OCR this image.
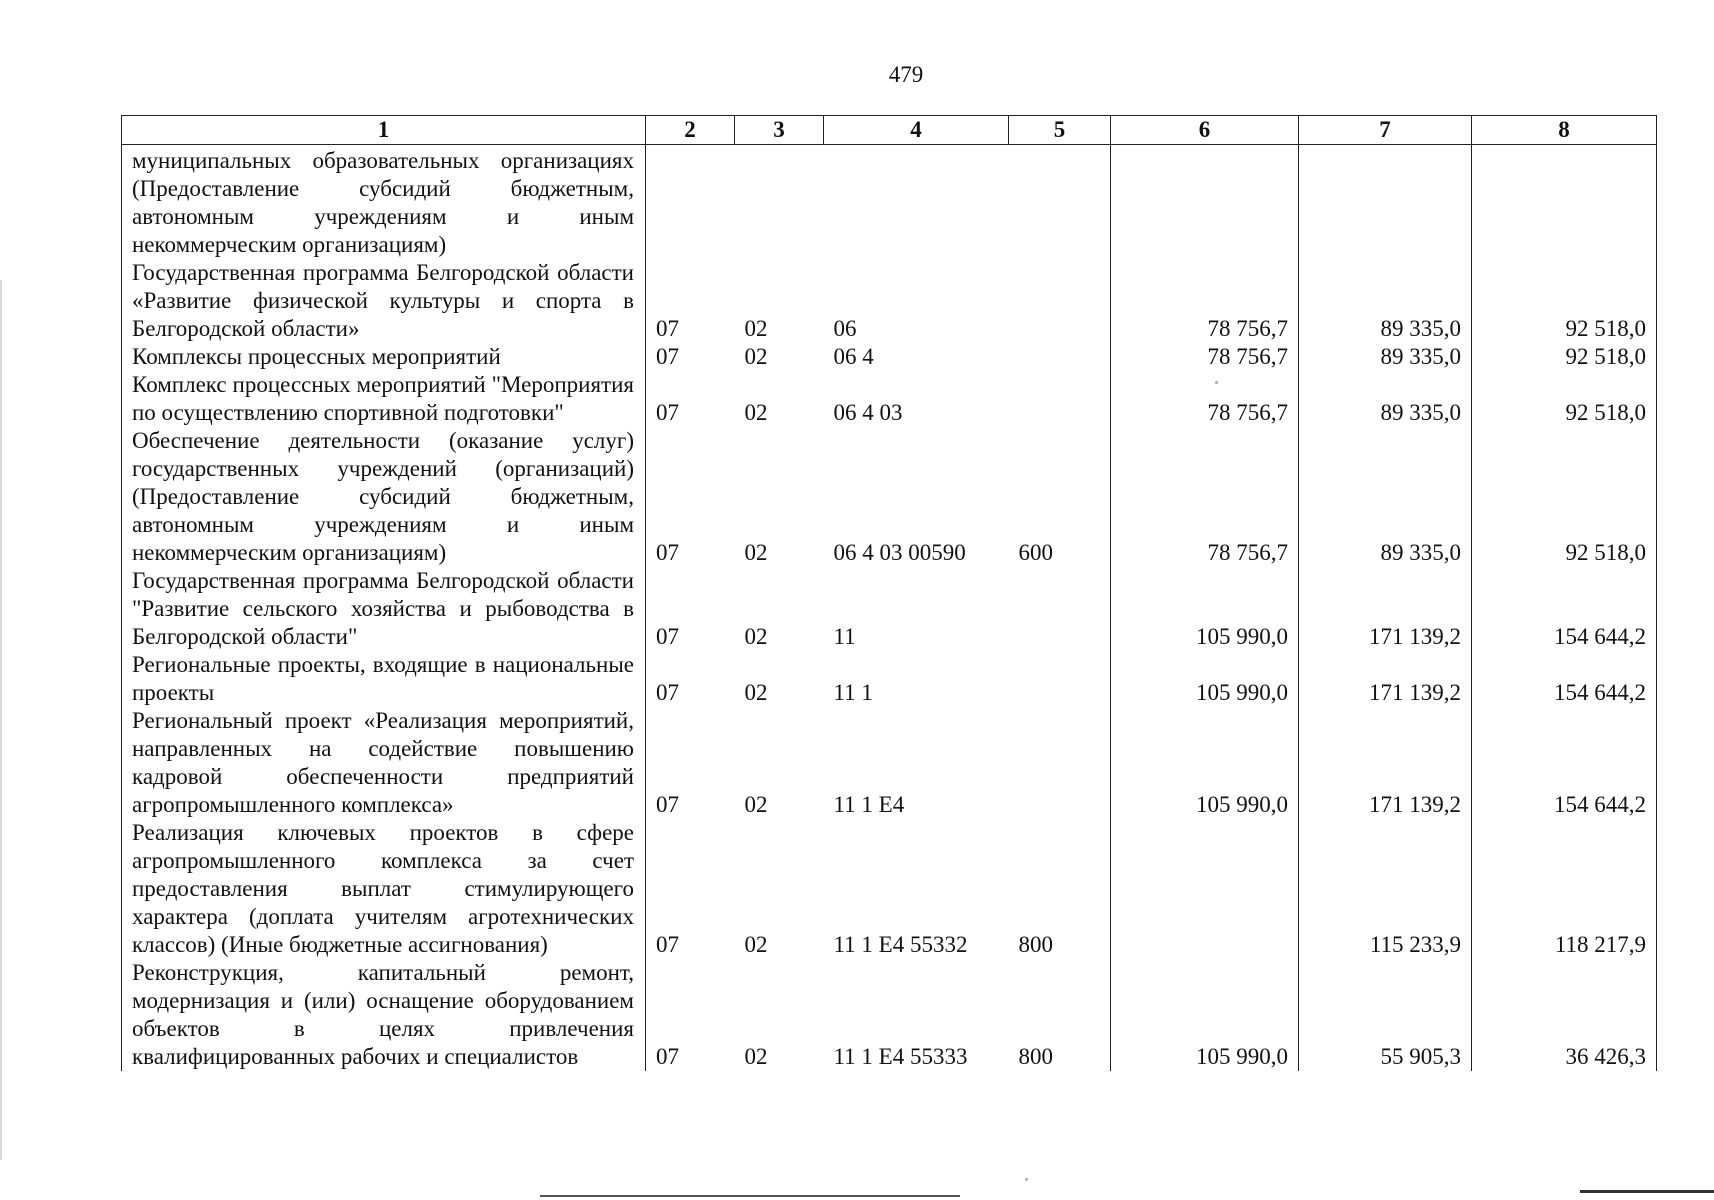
479
1	2	3	4	5	6	7	8
муниципальных образовательных организациях (Предоставление субсидий бюджетным, автономным учреждениям и иным некоммерческим организациям)							
Государственная программа Белгородской области «Развитие физической культуры и спорта в Белгородской области»	07	02	06		78 756,7	89 335,0	92 518,0
Комплексы процессных мероприятий	07	02	06 4		78 756,7	89 335,0	92 518,0
Комплекс процессных мероприятий "Мероприятия по осуществлению спортивной подготовки"	07	02	06 4 03		78 756,7	89 335,0	92 518,0
Обеспечение деятельности (оказание услуг) государственных учреждений (организаций) (Предоставление субсидий бюджетным, автономным учреждениям и иным некоммерческим организациям)	07	02	06 4 03 00590	600	78 756,7	89 335,0	92 518,0
Государственная программа Белгородской области "Развитие сельского хозяйства и рыбоводства в Белгородской области"	07	02	11		105 990,0	171 139,2	154 644,2
Региональные проекты, входящие в национальные проекты	07	02	11 1		105 990,0	171 139,2	154 644,2
Региональный проект «Реализация мероприятий, направленных на содействие повышению кадровой обеспеченности предприятий агропромышленного комплекса»	07	02	11 1 Е4		105 990,0	171 139,2	154 644,2
Реализация ключевых проектов в сфере агропромышленного комплекса за счет предоставления выплат стимулирующего характера (доплата учителям агротехнических классов) (Иные бюджетные ассигнования)	07	02	11 1 Е4 55332	800		115 233,9	118 217,9
Реконструкция, капитальный ремонт, модернизация и (или) оснащение оборудованием объектов в целях привлечения квалифицированных рабочих и специалистов	07	02	11 1 Е4 55333	800	105 990,0	55 905,3	36 426,3
